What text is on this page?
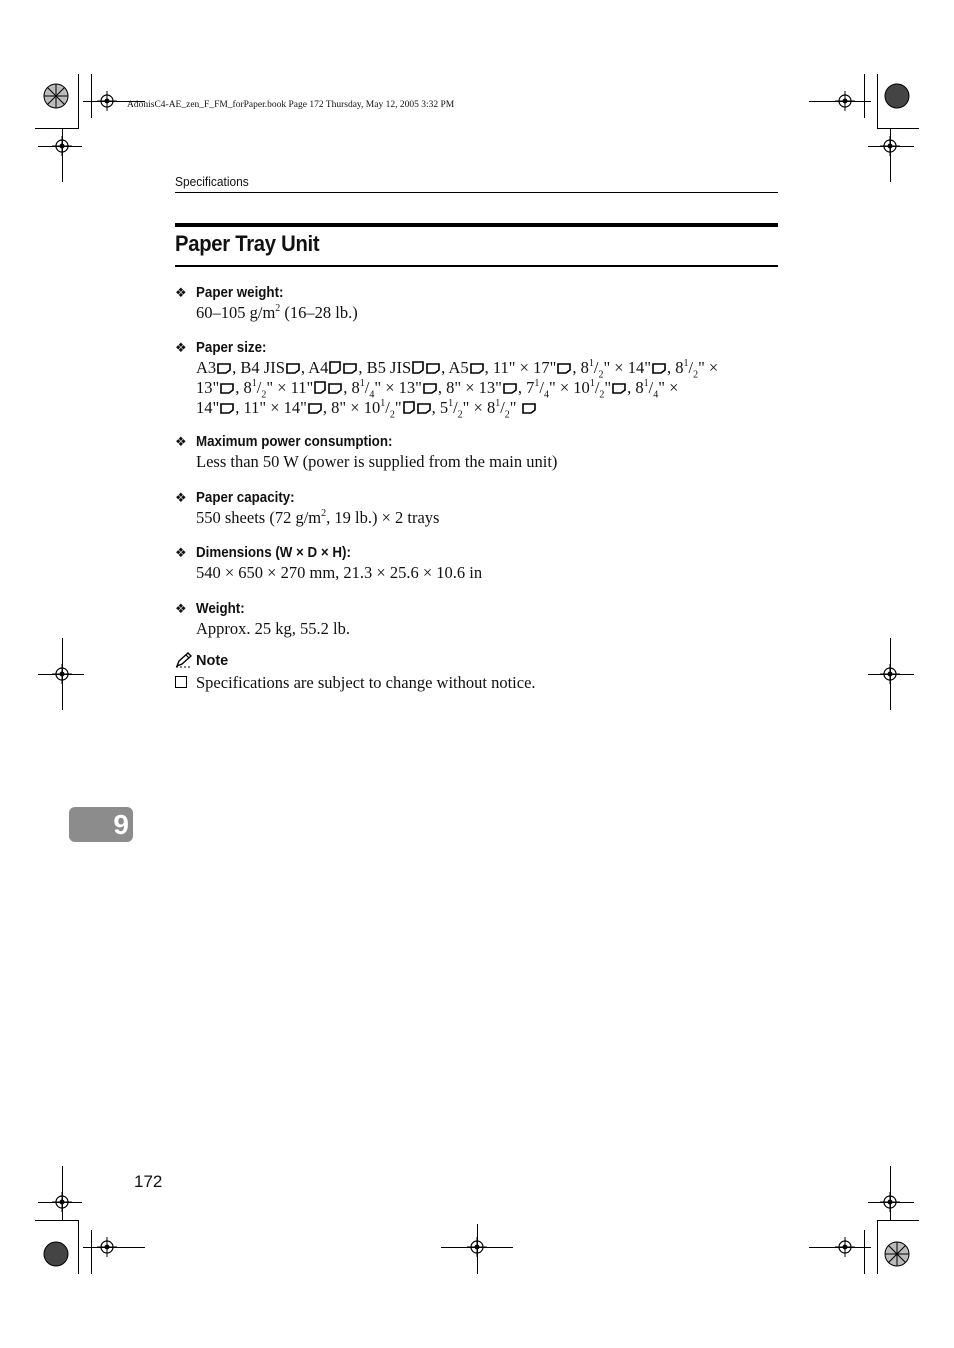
AdonisC4-AE_zen_F_FM_forPaper.book Page 172 Thursday, May 12, 2005 3:32 PM
Specifications
Paper Tray Unit
❖ Paper weight:
60–105 $g/m^2$ (16–28 lb.)
❖ Paper size:
A3 , B4 JIS , A4 , B5 JIS , A5 , 11" × 17" , $8^1/_2$" × 14" , $8^1/_2$" ×
13" , $8^1/_2$" × 11" , $8^1/_4$" × 13" , 8" × 13" , $7^1/_4$" × $10^1/_2$" , $8^1/_4$" ×
14" , 11" × 14" , 8" × $10^1/_2$" , $5^1/_2$" × $8^1/_2$"
❖ Maximum power consumption:
Less than 50 W (power is supplied from the main unit)
❖ Paper capacity:
550 sheets (72 $g/m^2$, 19 lb.) × 2 trays
❖ Dimensions (W × D × H):
540 × 650 × 270 mm, 21.3 × 25.6 × 10.6 in
❖ Weight:
Approx. 25 kg, 55.2 lb.
Note
Specifications are subject to change without notice.
9
172
